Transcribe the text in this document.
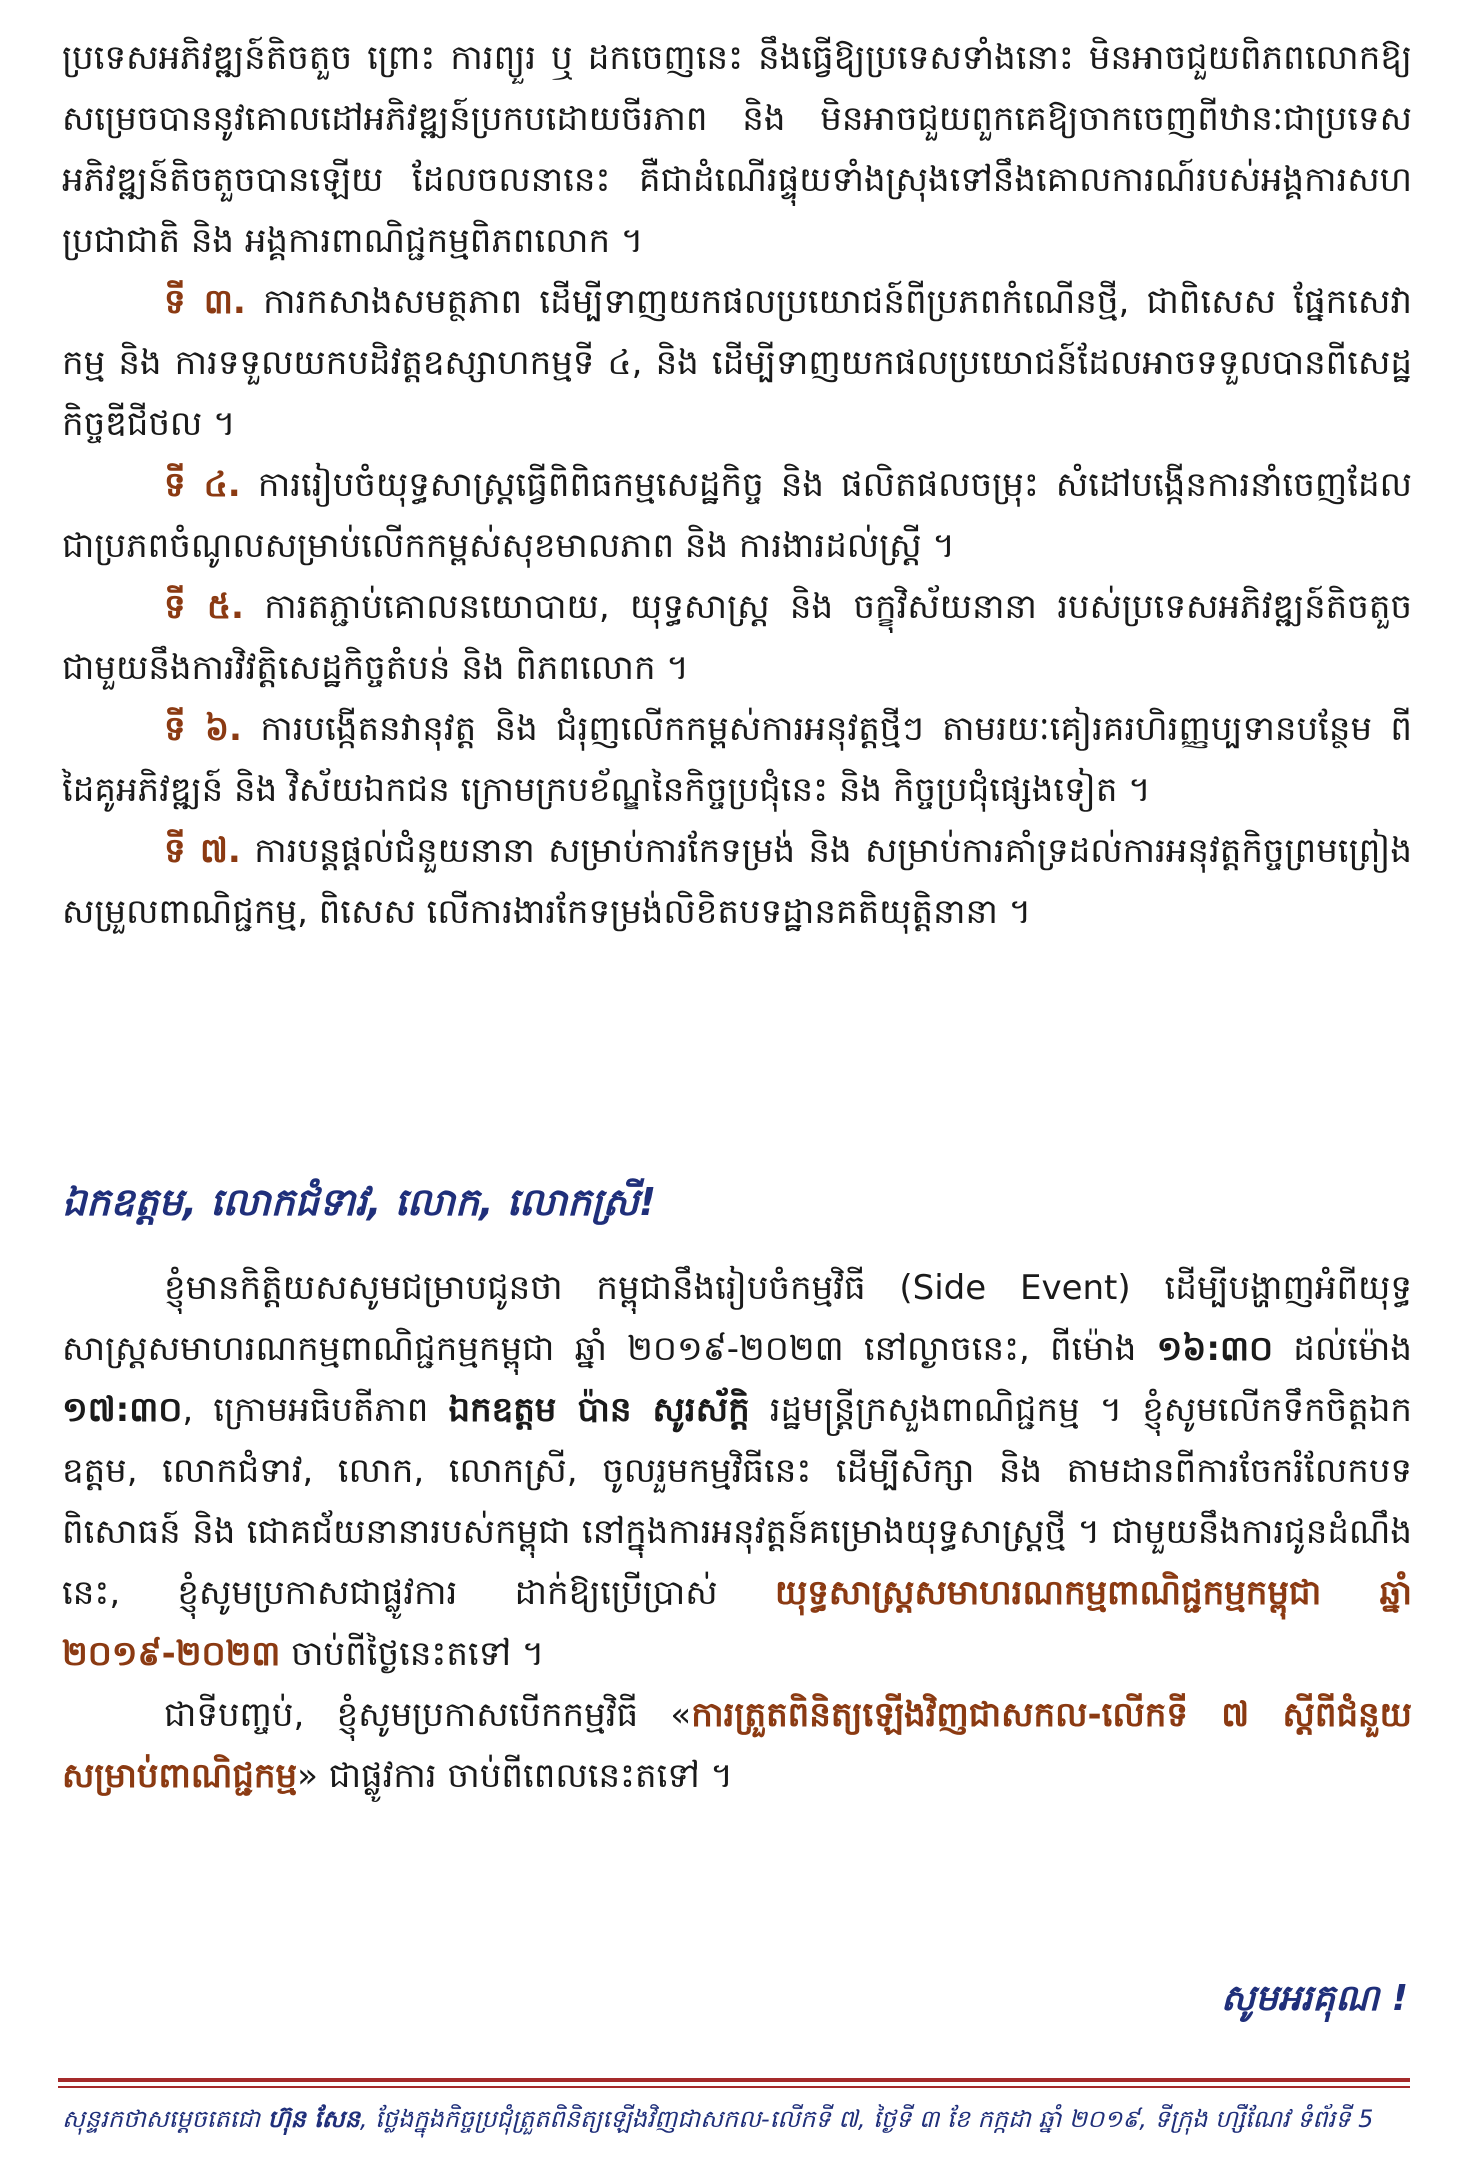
ប្រទេសអភិវឌ្ឍន៍តិចតួច ព្រោះ ការព្យួរ ឬ ដកចេញនេះ នឹងធ្វើឱ្យប្រទេសទាំងនោះ មិនអាចជួយពិភពលោកឱ្យសម្រេចបាននូវគោលដៅអភិវឌ្ឍន៍ប្រកបដោយចីរភាព និង មិនអាចជួយពួកគេឱ្យចាកចេញពីឋានៈជាប្រទេសអភិវឌ្ឍន៍តិចតួចបានឡើយ ដែលចលនានេះ គឺជាដំណើរផ្ទុយទាំងស្រុងទៅនឹងគោលការណ៍របស់អង្គការសហប្រជាជាតិ និង អង្គការពាណិជ្ជកម្មពិភពលោក ។

ទី ៣. ការកសាងសមត្ថភាព ដើម្បីទាញយកផលប្រយោជន៍ពីប្រភពកំណើនថ្មី, ជាពិសេស ផ្នែកសេវាកម្ម និង ការទទួលយកបដិវត្តឧស្សាហកម្មទី ៤, និង ដើម្បីទាញយកផលប្រយោជន៍ដែលអាចទទួលបានពីសេដ្ឋកិច្ចឌីជីថល ។

ទី ៤. ការរៀបចំយុទ្ធសាស្ត្រធ្វើពិពិធកម្មសេដ្ឋកិច្ច និង ផលិតផលចម្រុះ សំដៅបង្កើនការនាំចេញដែលជាប្រភពចំណូលសម្រាប់លើកកម្ពស់សុខមាលភាព និង ការងារដល់ស្ត្រី ។

ទី ៥. ការតភ្ជាប់គោលនយោបាយ, យុទ្ធសាស្ត្រ និង ចក្ខុវិស័យនានា របស់ប្រទេសអភិវឌ្ឍន៍តិចតួចជាមួយនឹងការវិវត្តិសេដ្ឋកិច្ចតំបន់ និង ពិភពលោក ។

ទី ៦. ការបង្កើតនវានុវត្ត និង ជំរុញលើកកម្ពស់ការអនុវត្តថ្មីៗ តាមរយៈគៀរគរហិរញ្ញប្បទានបន្ថែម ពីដៃគូអភិវឌ្ឍន៍ និង វិស័យឯកជន ក្រោមក្របខ័ណ្ឌនៃកិច្ចប្រជុំនេះ និង កិច្ចប្រជុំផ្សេងទៀត ។

ទី ៧. ការបន្តផ្តល់ជំនួយនានា សម្រាប់ការកែទម្រង់ និង សម្រាប់ការគាំទ្រដល់ការអនុវត្តកិច្ចព្រមព្រៀងសម្រួលពាណិជ្ជកម្ម, ពិសេស លើការងារកែទម្រង់លិខិតបទដ្ឋានគតិយុត្តិនានា ។

ឯកឧត្តម, លោកជំទាវ, លោក, លោកស្រី!

ខ្ញុំមានកិត្តិយសសូមជម្រាបជូនថា កម្ពុជានឹងរៀបចំកម្មវិធី (Side Event) ដើម្បីបង្ហាញអំពីយុទ្ធសាស្ត្រសមាហរណកម្មពាណិជ្ជកម្មកម្ពុជា ឆ្នាំ ២០១៩-២០២៣ នៅល្ងាចនេះ, ពីម៉ោង ១៦:៣០ ដល់ម៉ោង ១៧:៣០, ក្រោមអធិបតីភាព ឯកឧត្តម ប៉ាន សូរស័ក្តិ រដ្ឋមន្ត្រីក្រសួងពាណិជ្ជកម្ម ។ ខ្ញុំសូមលើកទឹកចិត្តឯកឧត្តម, លោកជំទាវ, លោក, លោកស្រី, ចូលរួមកម្មវិធីនេះ ដើម្បីសិក្សា និង តាមដានពីការចែករំលែកបទពិសោធន៍ និង ជោគជ័យនានារបស់កម្ពុជា នៅក្នុងការអនុវត្តន៍គម្រោងយុទ្ធសាស្ត្រថ្មី ។ ជាមួយនឹងការជូនដំណឹងនេះ, ខ្ញុំសូមប្រកាសជាផ្លូវការ ដាក់ឱ្យប្រើប្រាស់ យុទ្ធសាស្ត្រសមាហរណកម្មពាណិជ្ជកម្មកម្ពុជា ឆ្នាំ ២០១៩-២០២៣ ចាប់ពីថ្ងៃនេះតទៅ ។

ជាទីបញ្ចប់, ខ្ញុំសូមប្រកាសបើកកម្មវិធី «ការត្រួតពិនិត្យឡើងវិញជាសកល-លើកទី ៧ ស្តីពីជំនួយសម្រាប់ពាណិជ្ជកម្ម» ជាផ្លូវការ ចាប់ពីពេលនេះតទៅ ។

សូមអរគុណ !
សុន្ទរកថាសម្តេចតេជោ ហ៊ុន សែន, ថ្លែងក្នុងកិច្ចប្រជុំត្រួតពិនិត្យឡើងវិញជាសកល-លើកទី ៧, ថ្ងៃទី ៣ ខែ កក្កដា ឆ្នាំ ២០១៩, ទីក្រុង ហ្សឺណែវ ទំព័រទី 5
